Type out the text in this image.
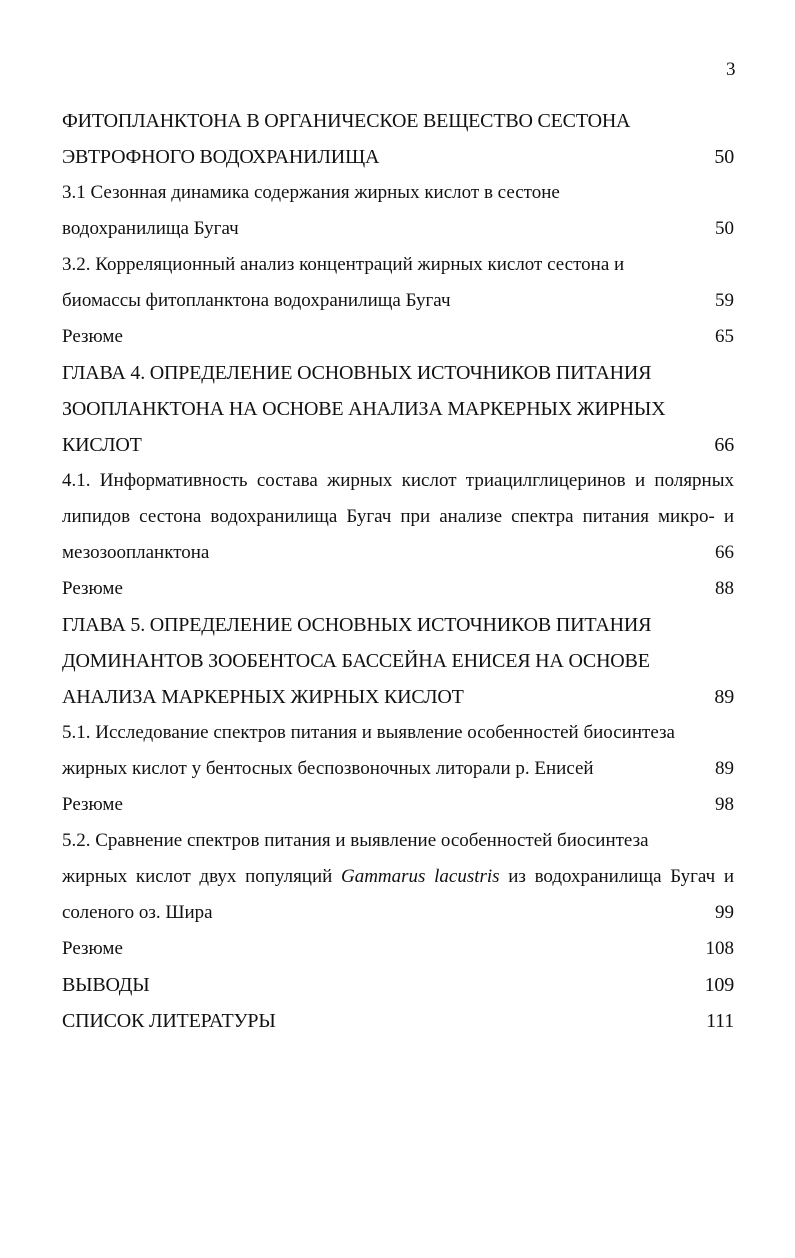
3
ФИТОПЛАНКТОНА В ОРГАНИЧЕСКОЕ ВЕЩЕСТВО СЕСТОНА
ЭВТРОФНОГО ВОДОХРАНИЛИЩА	50
3.1 Сезонная динамика содержания жирных кислот в сестоне
водохранилища Бугач	50
3.2. Корреляционный анализ концентраций жирных кислот сестона и
биомассы фитопланктона водохранилища Бугач	59
Резюме	65
ГЛАВА 4. ОПРЕДЕЛЕНИЕ ОСНОВНЫХ ИСТОЧНИКОВ ПИТАНИЯ
ЗООПЛАНКТОНА НА ОСНОВЕ АНАЛИЗА МАРКЕРНЫХ ЖИРНЫХ
КИСЛОТ	66
4.1. Информативность состава жирных кислот триацилглицеринов и полярных
липидов сестона водохранилища Бугач при анализе спектра питания микро- и
мезозоопланктона	66
Резюме	88
ГЛАВА 5. ОПРЕДЕЛЕНИЕ ОСНОВНЫХ ИСТОЧНИКОВ ПИТАНИЯ
ДОМИНАНТОВ ЗООБЕНТОСА БАССЕЙНА ЕНИСЕЯ НА ОСНОВЕ
АНАЛИЗА МАРКЕРНЫХ ЖИРНЫХ КИСЛОТ	89
5.1. Исследование спектров питания и выявление особенностей биосинтеза
жирных кислот у бентосных беспозвоночных литорали р. Енисей	89
Резюме	98
5.2. Сравнение спектров питания и выявление особенностей биосинтеза
жирных кислот двух популяций Gammarus lacustris из водохранилища Бугач и
соленого оз. Шира	99
Резюме	108
ВЫВОДЫ	109
СПИСОК ЛИТЕРАТУРЫ	111
